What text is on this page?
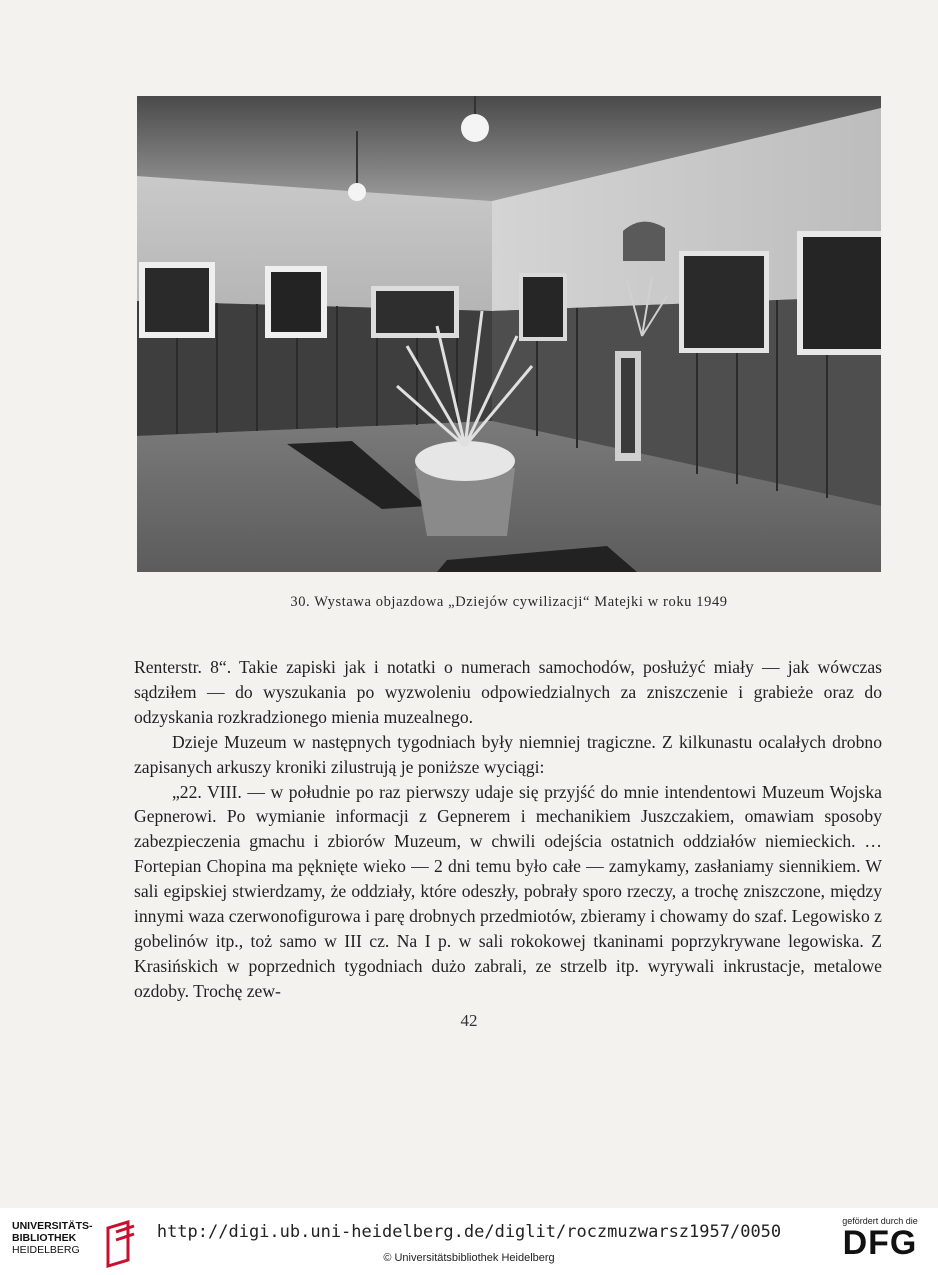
30. Wystawa objazdowa „Dziejów cywilizacji“ Matejki w roku 1949

Renterstr. 8“. Takie zapiski jak i notatki o numerach samochodów, posłużyć miały — jak wówczas sądziłem — do wyszukania po wyzwoleniu odpowiedzialnych za zniszczenie i grabieże oraz do odzyskania rozkradzionego mienia muzealnego.

Dzieje Muzeum w następnych tygodniach były niemniej tragiczne. Z kilkunastu ocalałych drobno zapisanych arkuszy kroniki zilustrują je poniższe wyciągi:

„22. VIII. — w południe po raz pierwszy udaje się przyjść do mnie intendentowi Muzeum Wojska Gepnerowi. Po wymianie informacji z Gepnerem i mechanikiem Juszczakiem, omawiam sposoby zabezpieczenia gmachu i zbiorów Muzeum, w chwili odejścia ostatnich oddziałów niemieckich. … Fortepian Chopina ma pęknięte wieko — 2 dni temu było całe — zamykamy, zasłaniamy siennikiem. W sali egipskiej stwierdzamy, że oddziały, które odeszły, pobrały sporo rzeczy, a trochę zniszczone, między innymi waza czerwonofigurowa i parę drobnych przedmiotów, zbieramy i chowamy do szaf. Legowisko z gobelinów itp., toż samo w III cz. Na I p. w sali rokokowej tkaninami poprzykrywane legowiska. Z Krasińskich w poprzednich tygodniach dużo zabrali, ze strzelb itp. wyrywali inkrustacje, metalowe ozdoby. Trochę zew-

42
UNIVERSITÄTS-
BIBLIOTHEK
HEIDELBERG
http://digi.ub.uni-heidelberg.de/diglit/roczmuzwarsz1957/0050
© Universitätsbibliothek Heidelberg
gefördert durch die
DFG
